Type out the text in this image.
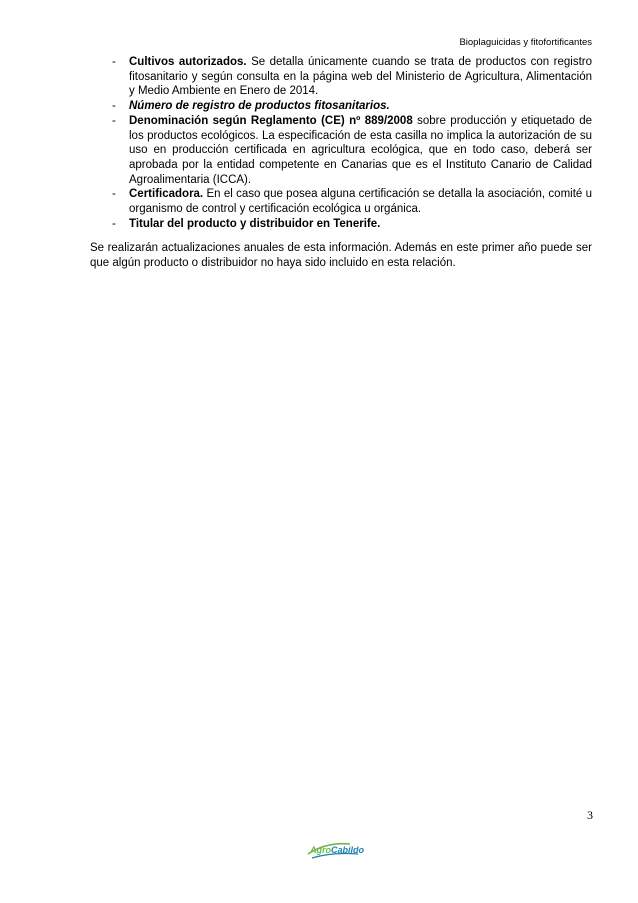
Bioplaguicidas y fitofortificantes
- Cultivos autorizados. Se detalla únicamente cuando se trata de productos con registro fitosanitario y según consulta en la página web del Ministerio de Agricultura, Alimentación y Medio Ambiente en Enero de 2014.
- Número de registro de productos fitosanitarios.
- Denominación según Reglamento (CE) nº 889/2008 sobre producción y etiquetado de los productos ecológicos. La especificación de esta casilla no implica la autorización de su uso en producción certificada en agricultura ecológica, que en todo caso, deberá ser aprobada por la entidad competente en Canarias que es el Instituto Canario de Calidad Agroalimentaria (ICCA).
- Certificadora. En el caso que posea alguna certificación se detalla la asociación, comité u organismo de control y certificación ecológica u orgánica.
- Titular del producto y distribuidor en Tenerife.

Se realizarán actualizaciones anuales de esta información. Además en este primer año puede ser que algún producto o distribuidor no haya sido incluido en esta relación.

3
AgroCabildo
